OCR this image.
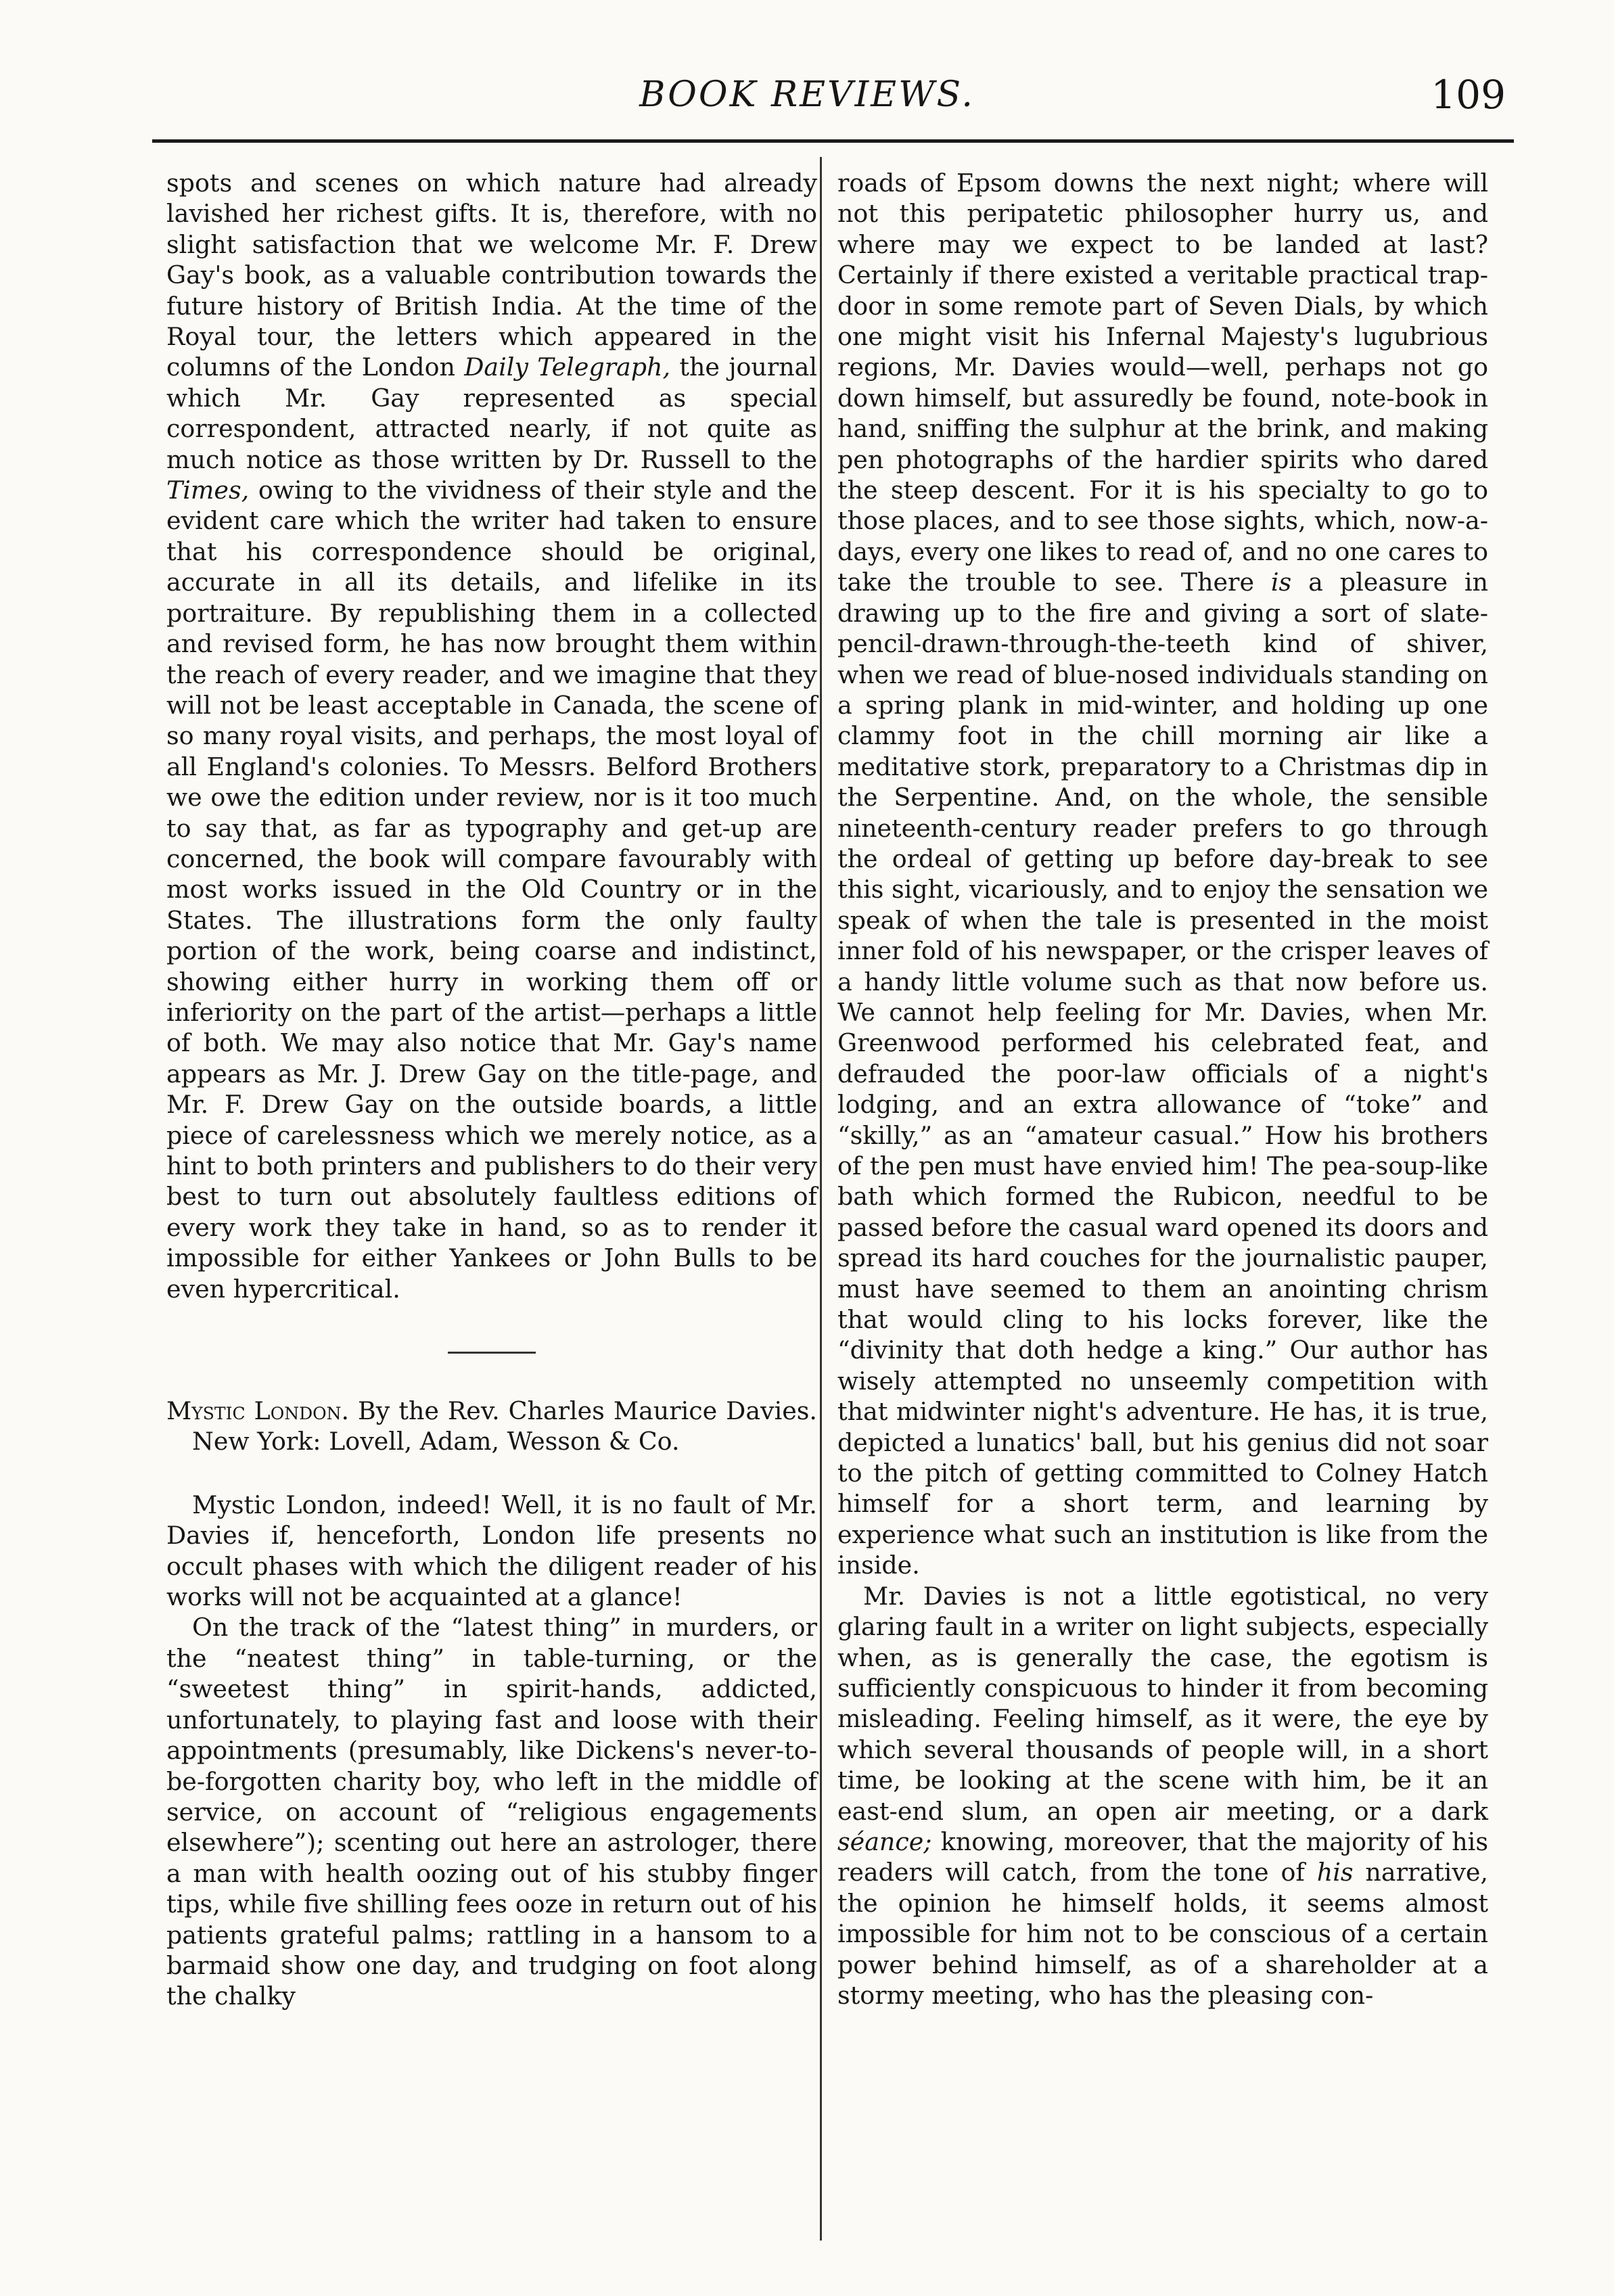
BOOK REVIEWS.	109

spots and scenes on which nature had already lavished her richest gifts. It is, therefore, with no slight satisfaction that we welcome Mr. F. Drew Gay's book, as a valuable contribution towards the future history of British India. At the time of the Royal tour, the letters which appeared in the columns of the London Daily Telegraph, the journal which Mr. Gay represented as special correspondent, attracted nearly, if not quite as much notice as those written by Dr. Russell to the Times, owing to the vividness of their style and the evident care which the writer had taken to ensure that his correspondence should be original, accurate in all its details, and lifelike in its portraiture. By republishing them in a collected and revised form, he has now brought them within the reach of every reader, and we imagine that they will not be least acceptable in Canada, the scene of so many royal visits, and perhaps, the most loyal of all England's colonies. To Messrs. Belford Brothers we owe the edition under review, nor is it too much to say that, as far as typography and get-up are concerned, the book will compare favourably with most works issued in the Old Country or in the States. The illustrations form the only faulty portion of the work, being coarse and indistinct, showing either hurry in working them off or inferiority on the part of the artist—perhaps a little of both. We may also notice that Mr. Gay's name appears as Mr. J. Drew Gay on the title-page, and Mr. F. Drew Gay on the outside boards, a little piece of carelessness which we merely notice, as a hint to both printers and publishers to do their very best to turn out absolutely faultless editions of every work they take in hand, so as to render it impossible for either Yankees or John Bulls to be even hypercritical.

Mystic London. By the Rev. Charles Maurice Davies. New York: Lovell, Adam, Wesson & Co.

Mystic London, indeed! Well, it is no fault of Mr. Davies if, henceforth, London life presents no occult phases with which the diligent reader of his works will not be acquainted at a glance!

On the track of the “latest thing” in murders, or the “neatest thing” in table-turning, or the “sweetest thing” in spirit-hands, addicted, unfortunately, to playing fast and loose with their appointments (presumably, like Dickens's never-to-be-forgotten charity boy, who left in the middle of service, on account of “religious engagements elsewhere”); scenting out here an astrologer, there a man with health oozing out of his stubby finger tips, while five shilling fees ooze in return out of his patients grateful palms; rattling in a hansom to a barmaid show one day, and trudging on foot along the chalky

roads of Epsom downs the next night; where will not this peripatetic philosopher hurry us, and where may we expect to be landed at last? Certainly if there existed a veritable practical trap-door in some remote part of Seven Dials, by which one might visit his Infernal Majesty's lugubrious regions, Mr. Davies would—well, perhaps not go down himself, but assuredly be found, note-book in hand, sniffing the sulphur at the brink, and making pen photographs of the hardier spirits who dared the steep descent. For it is his specialty to go to those places, and to see those sights, which, now-a-days, every one likes to read of, and no one cares to take the trouble to see. There is a pleasure in drawing up to the fire and giving a sort of slate-pencil-drawn-through-the-teeth kind of shiver, when we read of blue-nosed individuals standing on a spring plank in mid-winter, and holding up one clammy foot in the chill morning air like a meditative stork, preparatory to a Christmas dip in the Serpentine. And, on the whole, the sensible nineteenth-century reader prefers to go through the ordeal of getting up before day-break to see this sight, vicariously, and to enjoy the sensation we speak of when the tale is presented in the moist inner fold of his newspaper, or the crisper leaves of a handy little volume such as that now before us. We cannot help feeling for Mr. Davies, when Mr. Greenwood performed his celebrated feat, and defrauded the poor-law officials of a night's lodging, and an extra allowance of “toke” and “skilly,” as an “amateur casual.” How his brothers of the pen must have envied him! The pea-soup-like bath which formed the Rubicon, needful to be passed before the casual ward opened its doors and spread its hard couches for the journalistic pauper, must have seemed to them an anointing chrism that would cling to his locks forever, like the “divinity that doth hedge a king.” Our author has wisely attempted no unseemly competition with that midwinter night's adventure. He has, it is true, depicted a lunatics' ball, but his genius did not soar to the pitch of getting committed to Colney Hatch himself for a short term, and learning by experience what such an institution is like from the inside.

Mr. Davies is not a little egotistical, no very glaring fault in a writer on light subjects, especially when, as is generally the case, the egotism is sufficiently conspicuous to hinder it from becoming misleading. Feeling himself, as it were, the eye by which several thousands of people will, in a short time, be looking at the scene with him, be it an east-end slum, an open air meeting, or a dark séance; knowing, moreover, that the majority of his readers will catch, from the tone of his narrative, the opinion he himself holds, it seems almost impossible for him not to be conscious of a certain power behind himself, as of a shareholder at a stormy meeting, who has the pleasing con-
